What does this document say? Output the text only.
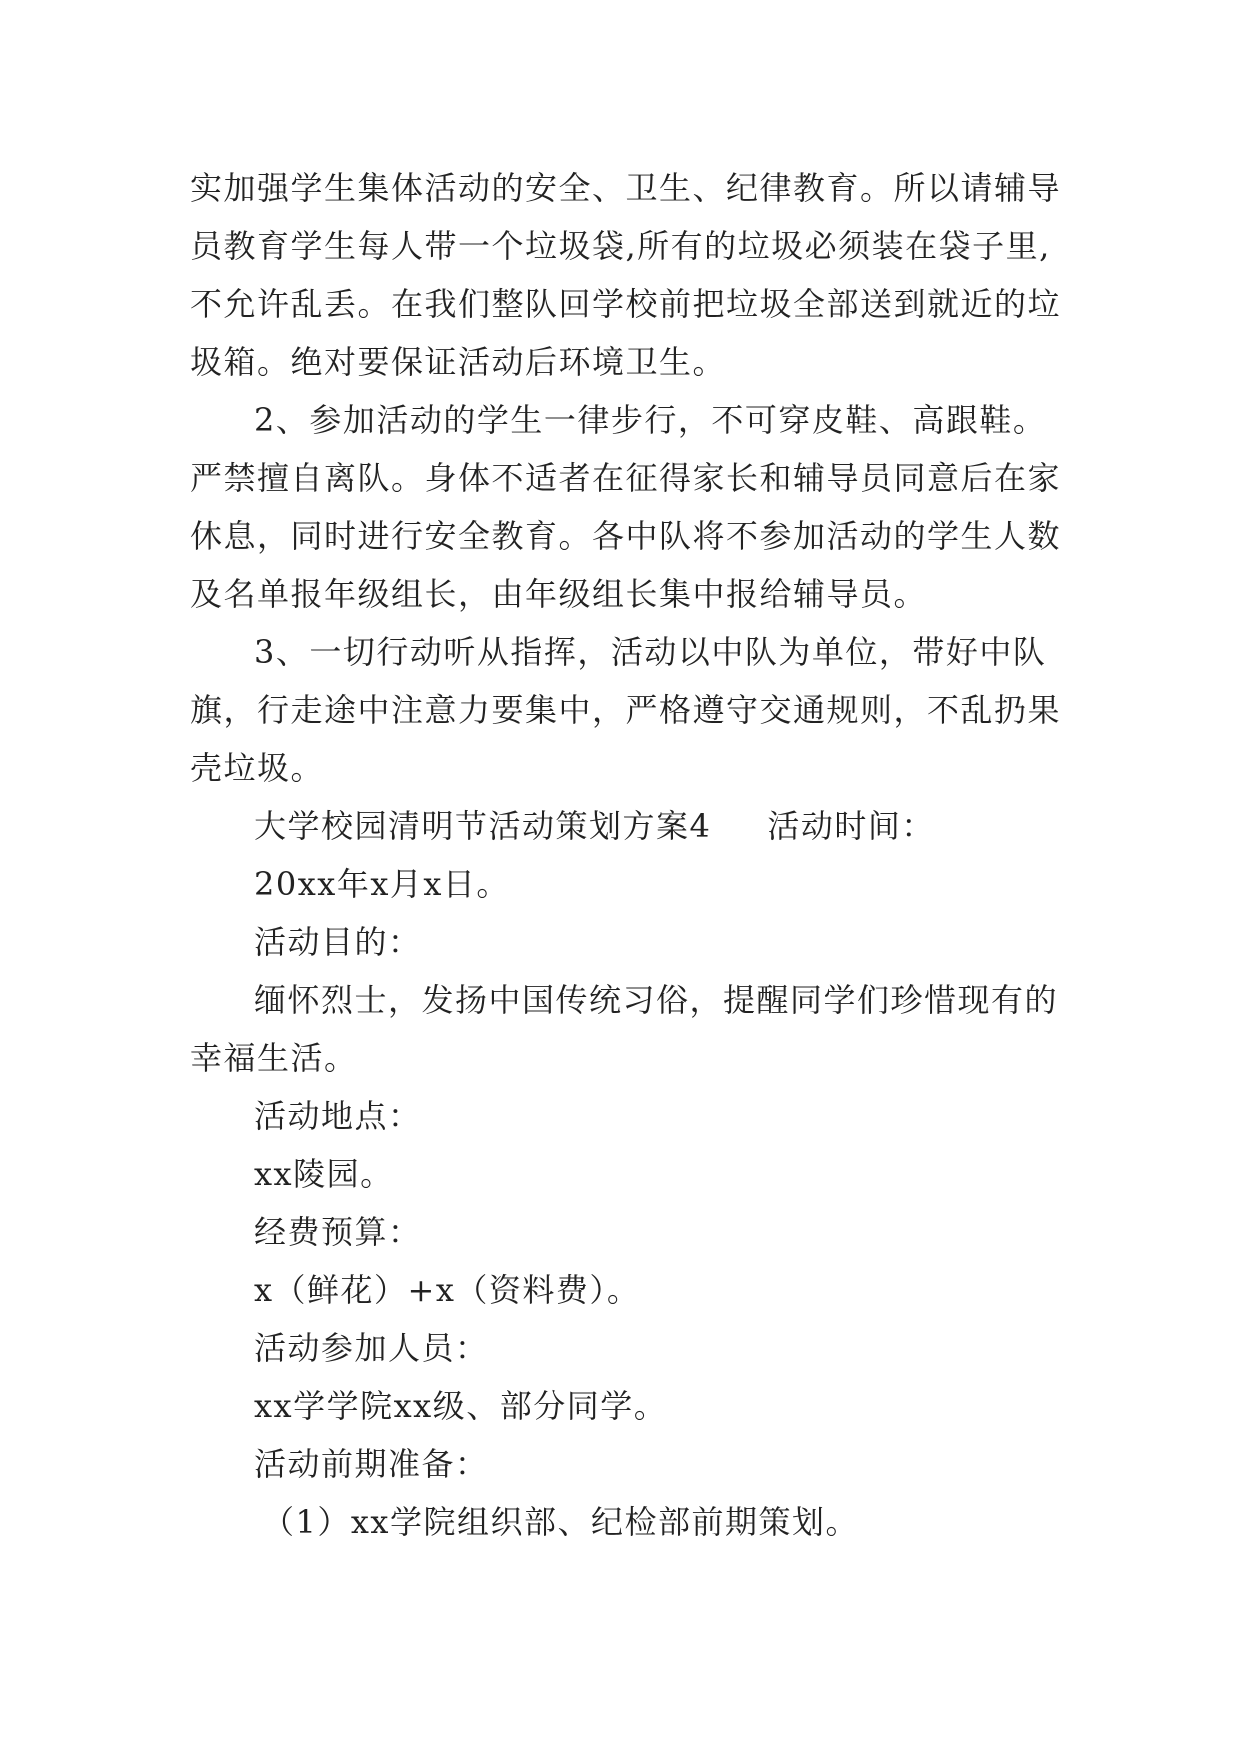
实加强学生集体活动的安全、卫生、纪律教育。所以请辅导
员教育学生每人带一个垃圾袋,所有的垃圾必须装在袋子里,
不允许乱丢。在我们整队回学校前把垃圾全部送到就近的垃
圾箱。绝对要保证活动后环境卫生。
2、参加活动的学生一律步行，不可穿皮鞋、高跟鞋。
严禁擅自离队。身体不适者在征得家长和辅导员同意后在家
休息，同时进行安全教育。各中队将不参加活动的学生人数
及名单报年级组长，由年级组长集中报给辅导员。
3、一切行动听从指挥，活动以中队为单位，带好中队
旗，行走途中注意力要集中，严格遵守交通规则，不乱扔果
壳垃圾。
大学校园清明节活动策划方案4 活动时间：
20xx年x月x日。
活动目的：
缅怀烈士，发扬中国传统习俗，提醒同学们珍惜现有的
幸福生活。
活动地点：
xx陵园。
经费预算：
x（鲜花）+x（资料费）。
活动参加人员：
xx学学院xx级、部分同学。
活动前期准备：
（1）xx学院组织部、纪检部前期策划。
